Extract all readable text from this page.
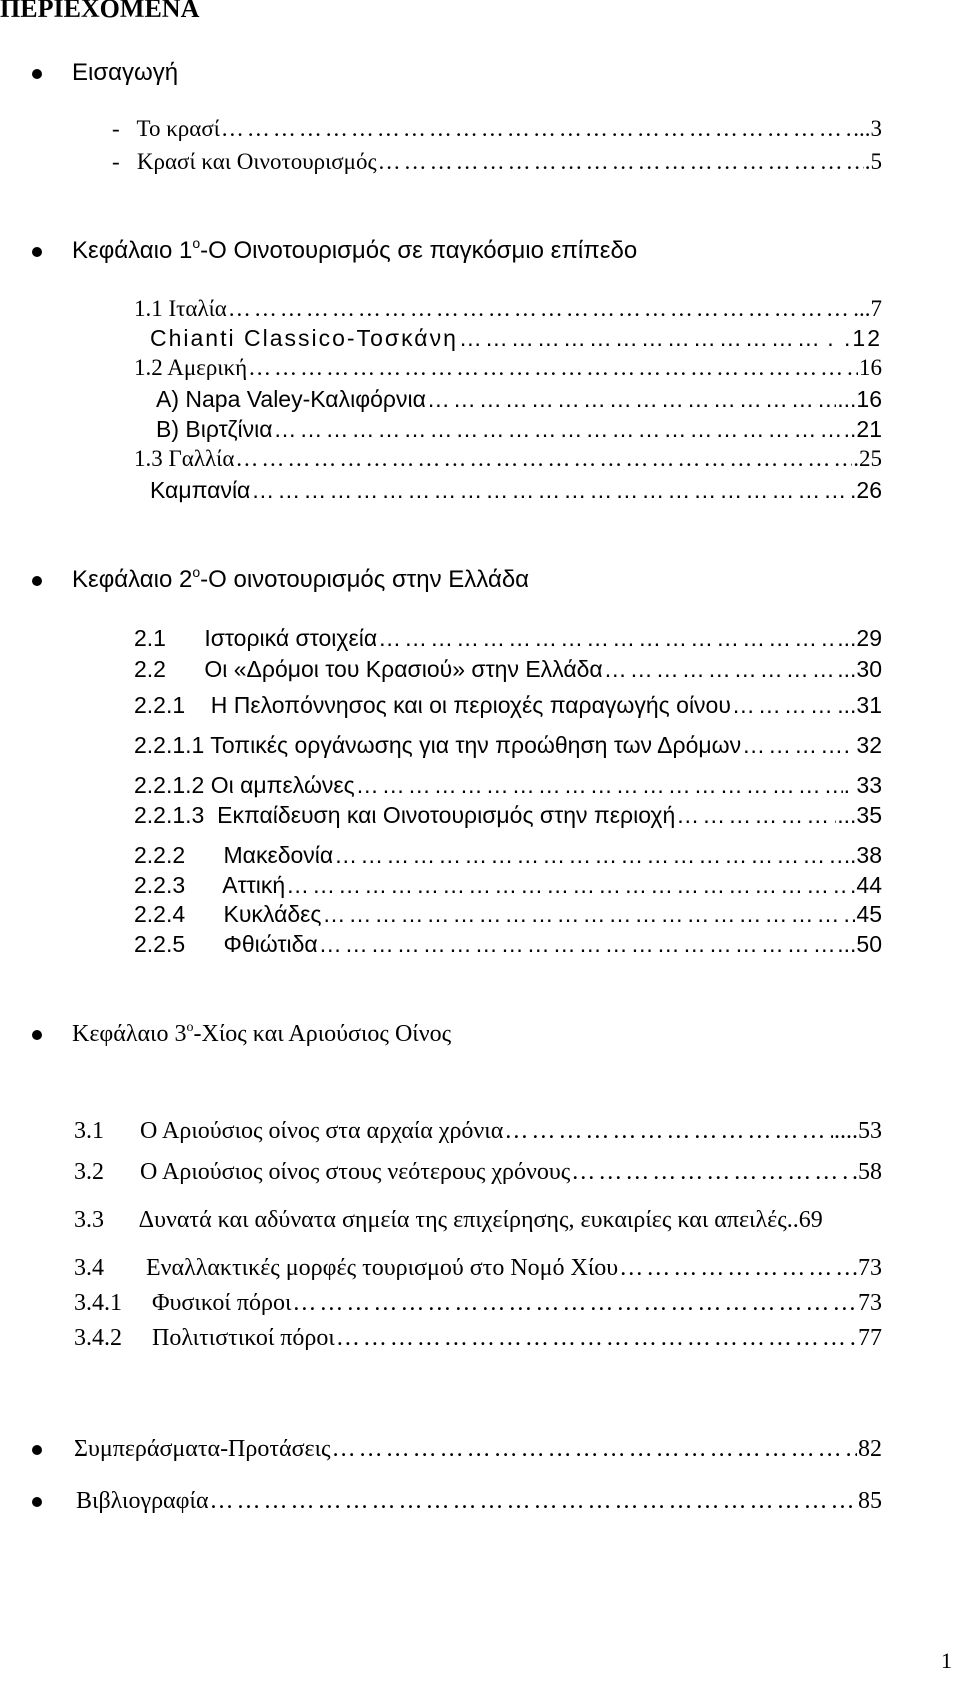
ΠΕΡΙΕΧΟΜΕΝΑ
Εισαγωγή
-   Το κρασί ……………………………………………………………………………………………………………………………………………………………………………………………	...3
-   Κρασί και Οινοτουρισμός ……………………………………………………………………………………………………………………………………………………………………………………………	.5
Κεφάλαιο $1^o-O$ Οινοτουρισμός σε παγκόσμιο επίπεδο
1.1 Ιταλία ……………………………………………………………………………………………………………………………………………………………………………………………	...7
Chianti Classico-Τοσκάνη ……………………………………………………………………………………………………………………………………………………………………………………………	. .12
1.2 Αμερική ……………………………………………………………………………………………………………………………………………………………………………………………	16
A) Napa Valey-Καλιφόρνια ……………………………………………………………………………………………………………………………………………………………………………………………	...16
B) Βιρτζίνια ……………………………………………………………………………………………………………………………………………………………………………………………	..21
1.3 Γαλλία ……………………………………………………………………………………………………………………………………………………………………………………………	.25
Καμπανία ……………………………………………………………………………………………………………………………………………………………………………………………	.26
Κεφάλαιο $2^o-O$ οινοτουρισμός στην Ελλάδα
2.1      Ιστορικά στοιχεία ……………………………………………………………………………………………………………………………………………………………………………………………	...29
2.2      Οι «Δρόμοι του Κρασιού» στην Ελλάδα ……………………………………………………………………………………………………………………………………………………………………………………………	...30
2.2.1    Η Πελοπόννησος και οι περιοχές παραγωγής οίνου ……………………………………………………………………………………………………………………………………………………………………………………………	...31
2.2.1.1 Τοπικές οργάνωσης για την προώθηση των Δρόμων ……………………………………………………………………………………………………………………………………………………………………………………………	. 32
2.2.1.2 Οι αμπελώνες ……………………………………………………………………………………………………………………………………………………………………………………………	. 33
2.2.1.3  Εκπαίδευση και Οινοτουρισμός στην περιοχή ……………………………………………………………………………………………………………………………………………………………………………………………	...35
2.2.2      Μακεδονία ……………………………………………………………………………………………………………………………………………………………………………………………	.38
2.2.3      Αττική ……………………………………………………………………………………………………………………………………………………………………………………………	.44
2.2.4      Κυκλάδες ……………………………………………………………………………………………………………………………………………………………………………………………	45
2.2.5      Φθιώτιδα ……………………………………………………………………………………………………………………………………………………………………………………………	...50
Κεφάλαιο $3^o$-Χίος και Αριούσιος Οίνος
3.1      Ο Αριούσιος οίνος στα αρχαία χρόνια ……………………………………………………………………………………………………………………………………………………………………………………………	....53
3.2      Ο Αριούσιος οίνος στους νεότερους χρόνους ……………………………………………………………………………………………………………………………………………………………………………………………	.58
3.3      Δυνατά και αδύνατα σημεία της επιχείρησης, ευκαιρίες και απειλές..69
3.4       Εναλλακτικές μορφές τουρισμού στο Νομό Χίου ……………………………………………………………………………………………………………………………………………………………………………………………	.73
3.4.1     Φυσικοί πόροι ……………………………………………………………………………………………………………………………………………………………………………………………	73
3.4.2     Πολιτιστικοί πόροι ……………………………………………………………………………………………………………………………………………………………………………………………	77
Συμπεράσματα-Προτάσεις ……………………………………………………………………………………………………………………………………………………………………………………………	82
Βιβλιογραφία ……………………………………………………………………………………………………………………………………………………………………………………………	85
1
